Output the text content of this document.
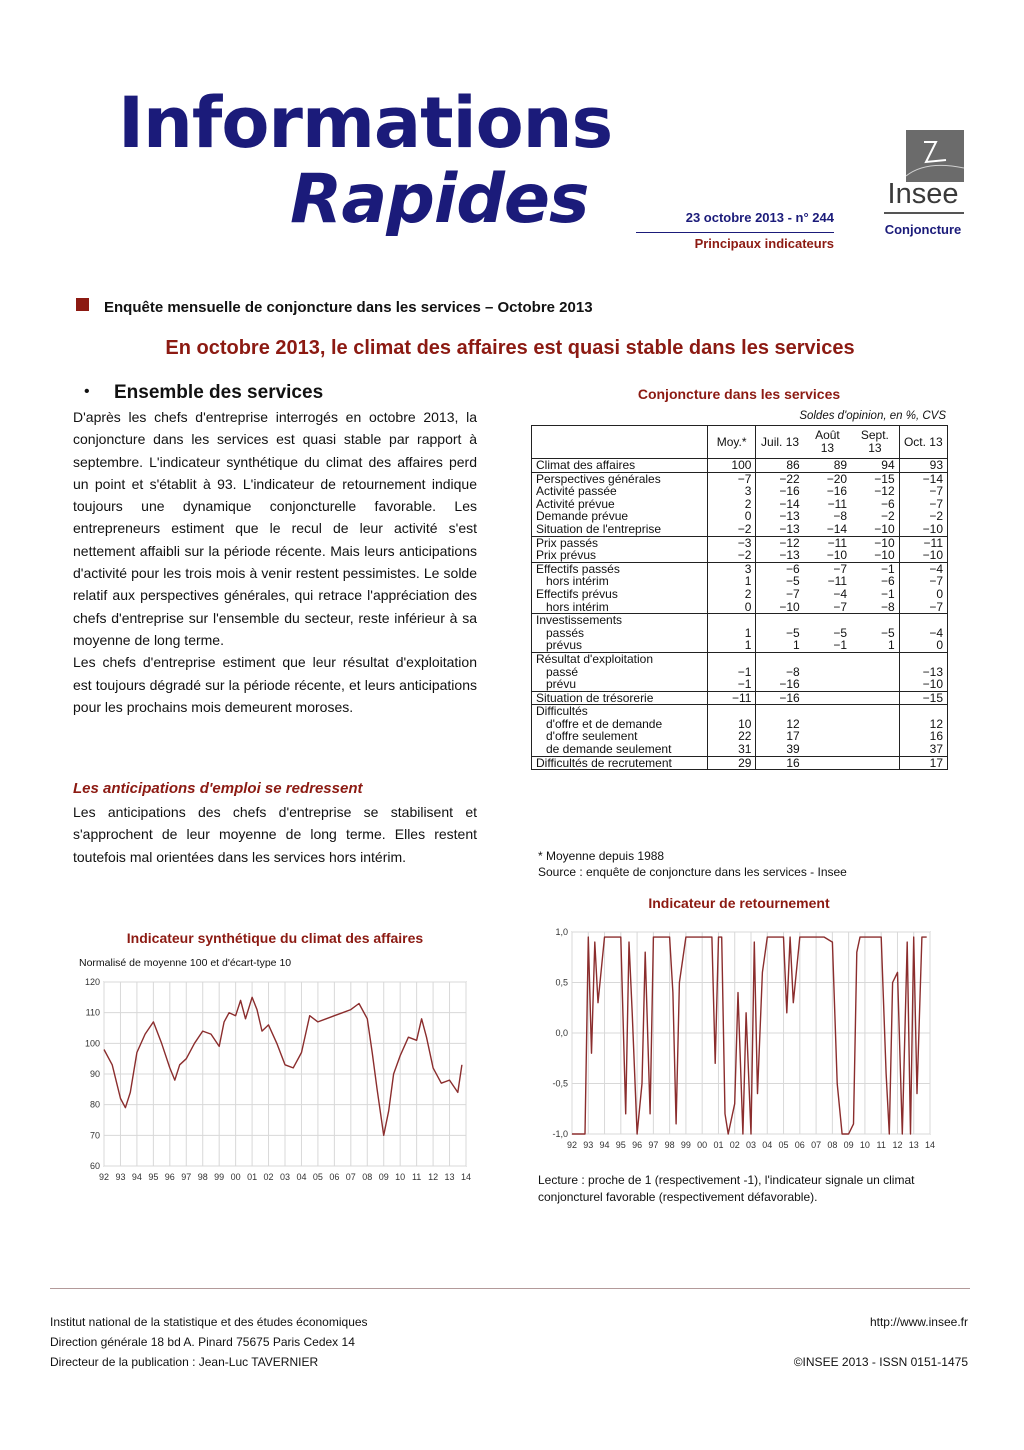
Informations
Rapides	23 octobre 2013 - n° 244
Principaux indicateurs
Insee
Conjoncture
Enquête mensuelle de conjoncture dans les services – Octobre 2013
En octobre 2013, le climat des affaires est quasi stable dans les services
• Ensemble des services

D'après les chefs d'entreprise interrogés en octobre 2013, la conjoncture dans les services est quasi stable par rapport à septembre. L'indicateur synthétique du climat des affaires perd un point et s'établit à 93. L'indicateur de retournement indique toujours une dynamique conjoncturelle favorable. Les entrepreneurs estiment que le recul de leur activité s'est nettement affaibli sur la période récente. Mais leurs anticipations d'activité pour les trois mois à venir restent pessimistes. Le solde relatif aux perspectives générales, qui retrace l'appréciation des chefs d'entreprise sur l'ensemble du secteur, reste inférieur à sa moyenne de long terme.

Les chefs d'entreprise estiment que leur résultat d'exploitation est toujours dégradé sur la période récente, et leurs anticipations pour les prochains mois demeurent moroses.

Les anticipations d'emploi se redressent
Les anticipations des chefs d'entreprise se stabilisent et s'approchent de leur moyenne de long terme. Elles restent toutefois mal orientées dans les services hors intérim.
Conjoncture dans les services
Soldes d'opinion, en %, CVS
	Moy.*	Juil. 13	Août 13	Sept. 13	Oct. 13
Climat des affaires	100	86	89	94	93
Perspectives générales	−7	−22	−20	−15	−14
Activité passée	3	−16	−16	−12	−7
Activité prévue	2	−14	−11	−6	−7
Demande prévue	0	−13	−8	−2	−2
Situation de l'entreprise	−2	−13	−14	−10	−10
Prix passés	−3	−12	−11	−10	−11
Prix prévus	−2	−13	−10	−10	−10
Effectifs passés	3	−6	−7	−1	−4
hors intérim	1	−5	−11	−6	−7
Effectifs prévus	2	−7	−4	−1	0
hors intérim	0	−10	−7	−8	−7
Investissements					
passés	1	−5	−5	−5	−4
prévus	1	1	−1	1	0
Résultat d'exploitation					
passé	−1	−8			−13
prévu	−1	−16			−10
Situation de trésorerie	−11	−16			−15
Difficultés					
d'offre et de demande	10	12			12
d'offre seulement	22	17			16
de demande seulement	31	39			37
Difficultés de recrutement	29	16			17
* Moyenne depuis 1988
Source : enquête de conjoncture dans les services - Insee
Indicateur synthétique du climat des affaires
Normalisé de moyenne 100 et d'écart-type 10
92 93 94 95 96 97 98 99 00 01 02 03 04 05 06 07 08 09 10 11 12 13 14
120
110
100
90
80
70
60
Indicateur de retournement
92 93 94 95 96 97 98 99 00 01 02 03 04 05 06 07 08 09 10 11 12 13 14
1,0
0,5
0,0
-0,5
-1,0
Lecture : proche de 1 (respectivement -1), l'indicateur signale un climat conjoncturel favorable (respectivement défavorable).
Institut national de la statistique et des études économiques
Direction générale 18 bd A. Pinard 75675 Paris Cedex 14
Directeur de la publication : Jean-Luc TAVERNIER
http://www.insee.fr

©INSEE 2013 - ISSN 0151-1475
